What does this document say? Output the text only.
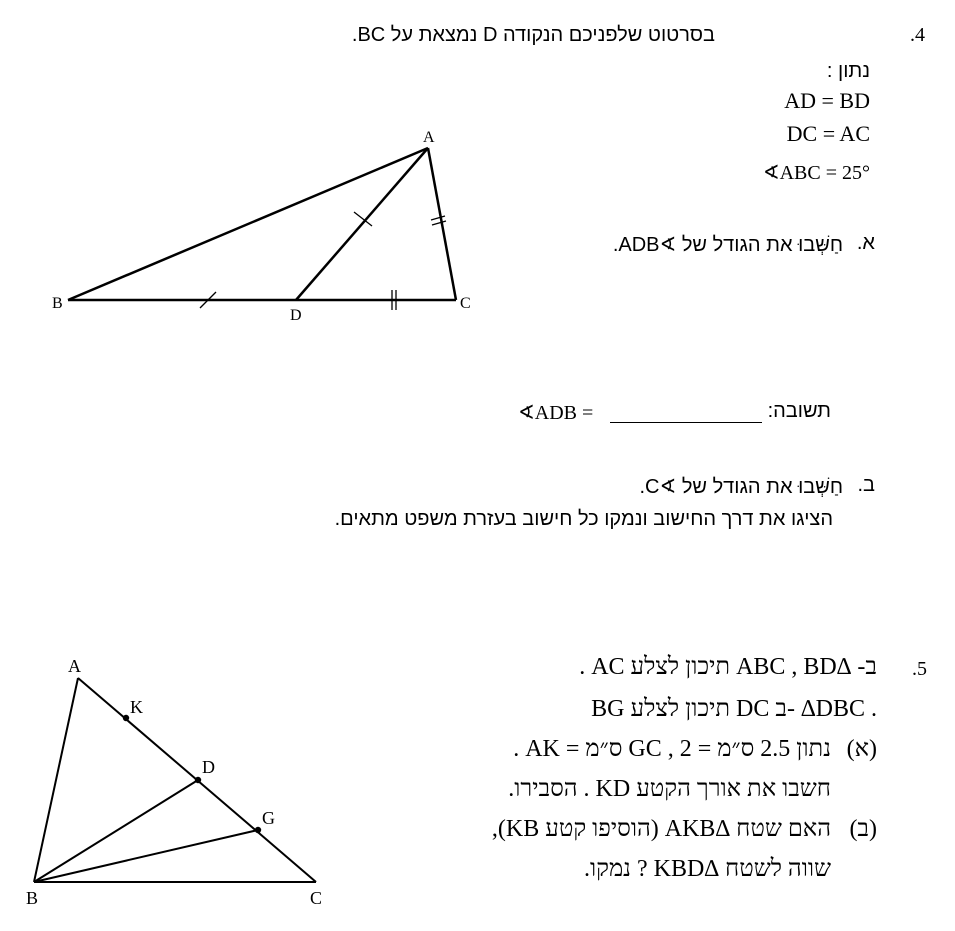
.4
בסרטוט שלפניכם הנקודה D נמצאת על BC.
נתון :
AD = BD
DC = AC
∢ABC = 25°
א.
חַשְּׁבוּ את הגודל של ∢ADB.
תשובה:
∢ADB =
ב.
חַשְּׁבוּ את הגודל של ∢C.
הציגו את דרך החישוב ונמקו כל חישוב בעזרת משפט מתאים.
A
B	C
D
.5
ב- ∆ABC , BD תיכון לצלע AC .
BG תיכון לצלע DC ב- ∆DBC .
(א)
נתון 2.5 ס״מ = GC , 2 ס״מ = AK .
חשבו את אורך הקטע KD . הסבירו.
(ב)
האם שטח ∆AKB (הוסיפו קטע KB),
שווה לשטח ∆KBD ? נמקו.
A
K
D
G
B	C
